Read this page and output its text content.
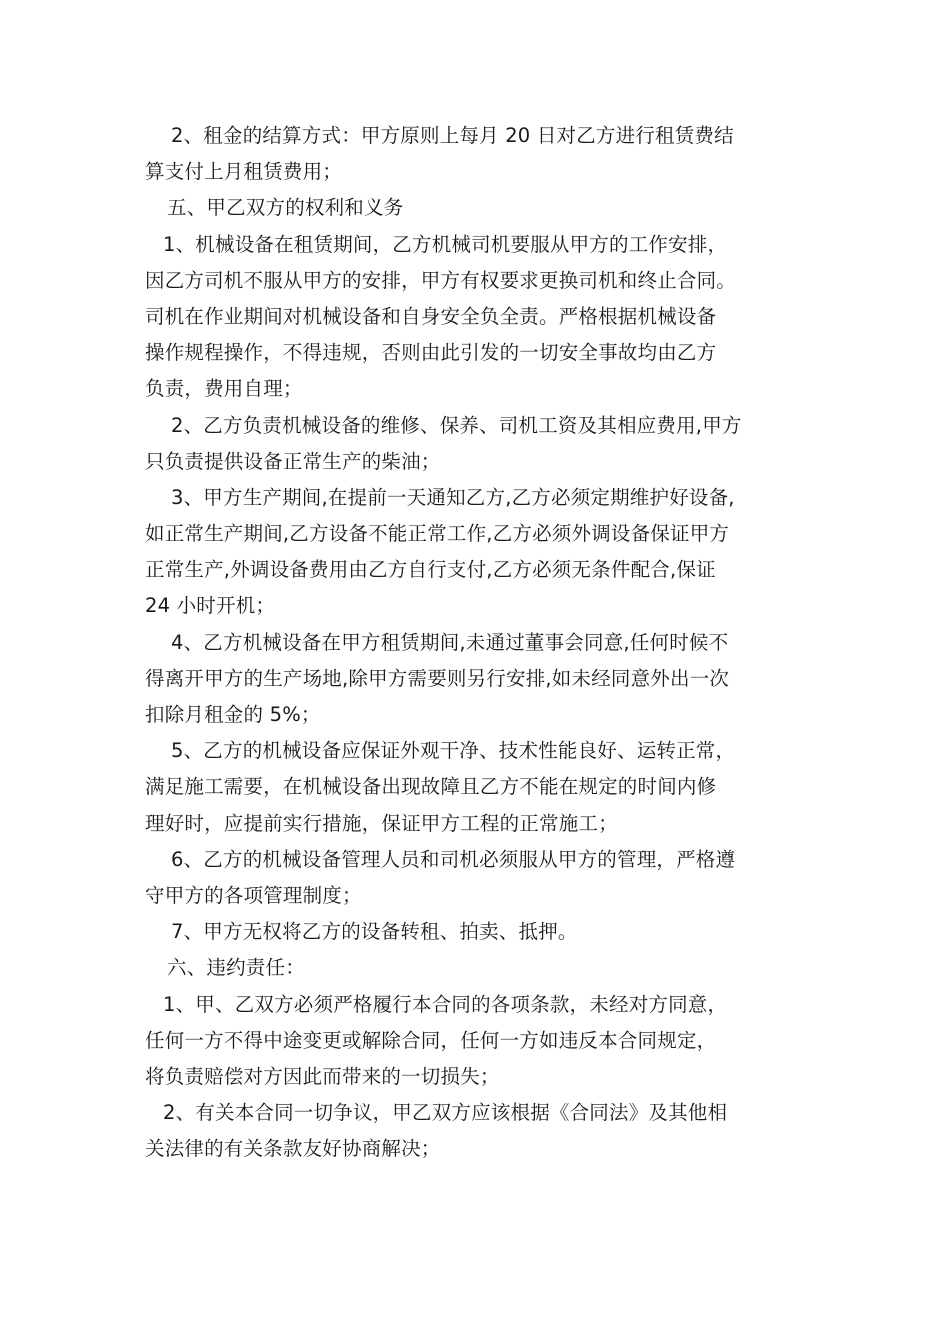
2、租金的结算方式：甲方原则上每月 20 日对乙方进行租赁费结
算支付上月租赁费用；
五、甲乙双方的权利和义务
1、机械设备在租赁期间，乙方机械司机要服从甲方的工作安排，
因乙方司机不服从甲方的安排，甲方有权要求更换司机和终止合同。
司机在作业期间对机械设备和自身安全负全责。严格根据机械设备
操作规程操作，不得违规，否则由此引发的一切安全事故均由乙方
负责，费用自理；
2、乙方负责机械设备的维修、保养、司机工资及其相应费用,甲方
只负责提供设备正常生产的柴油；
3、甲方生产期间,在提前一天通知乙方,乙方必须定期维护好设备,
如正常生产期间,乙方设备不能正常工作,乙方必须外调设备保证甲方
正常生产,外调设备费用由乙方自行支付,乙方必须无条件配合,保证
24 小时开机；
4、乙方机械设备在甲方租赁期间,未通过董事会同意,任何时候不
得离开甲方的生产场地,除甲方需要则另行安排,如未经同意外出一次
扣除月租金的 5%；
5、乙方的机械设备应保证外观干净、技术性能良好、运转正常，
满足施工需要，在机械设备出现故障且乙方不能在规定的时间内修
理好时，应提前实行措施，保证甲方工程的正常施工；
6、乙方的机械设备管理人员和司机必须服从甲方的管理，严格遵
守甲方的各项管理制度；
7、甲方无权将乙方的设备转租、拍卖、抵押。
六、违约责任：
1、甲、乙双方必须严格履行本合同的各项条款，未经对方同意，
任何一方不得中途变更或解除合同，任何一方如违反本合同规定，
将负责赔偿对方因此而带来的一切损失；
2、有关本合同一切争议，甲乙双方应该根据《合同法》及其他相
关法律的有关条款友好协商解决；
